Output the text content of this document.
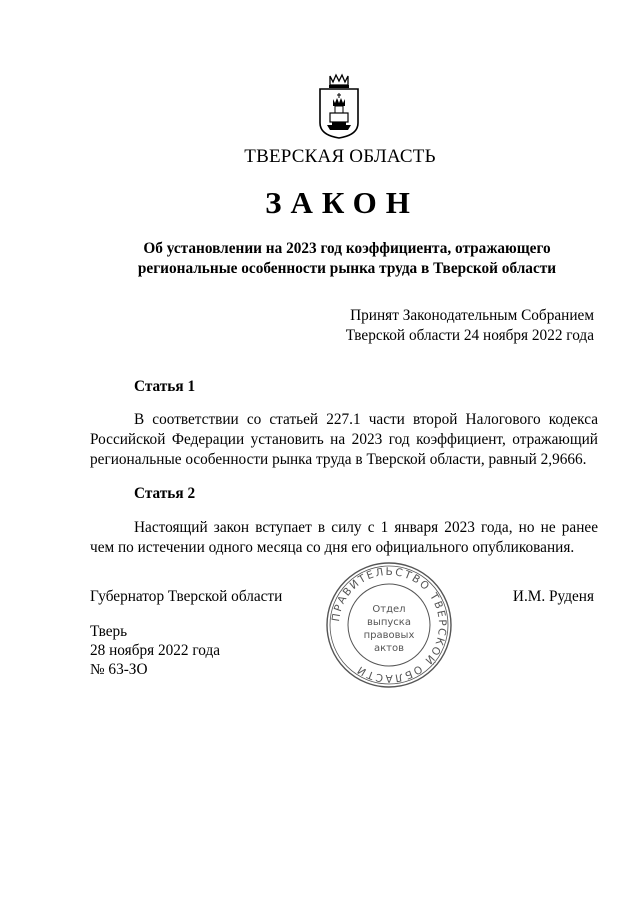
ТВЕРСКАЯ ОБЛАСТЬ
ЗАКОН
Об установлении на 2023 год коэффициента, отражающего
региональные особенности рынка труда в Тверской области
Принят Законодательным Собранием
Тверской области 24 ноября 2022 года
Статья 1
В соответствии со статьей 227.1 части второй Налогового кодекса Российской Федерации установить на 2023 год коэффициент, отражающий региональные особенности рынка труда в Тверской области, равный 2,9666.
Статья 2
Настоящий закон вступает в силу с 1 января 2023 года, но не ранее чем по истечении одного месяца со дня его официального опубликования.
ПРАВИТЕЛЬСТВО ТВЕРСКОЙ ОБЛАСТИ
Отдел
выпуска
правовых
актов
Губернатор Тверской области	И.М. Руденя
Тверь
28 ноября 2022 года
№ 63-ЗО
